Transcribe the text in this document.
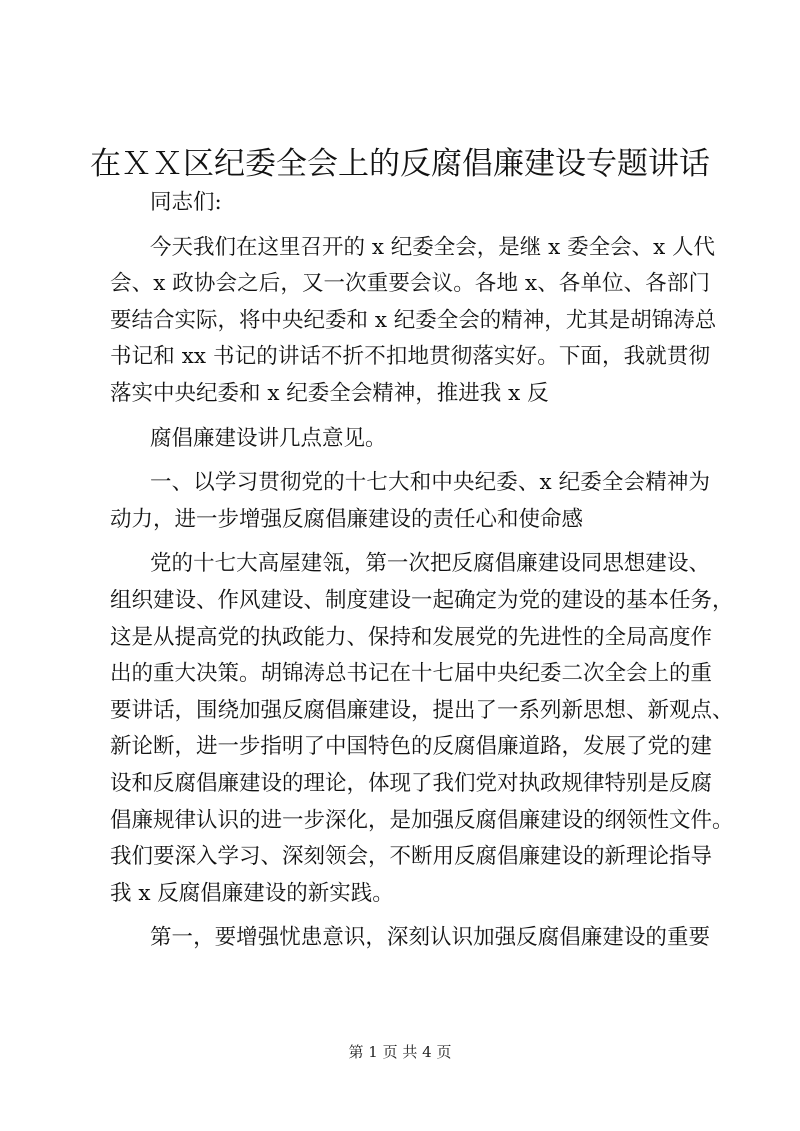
在ＸＸ区纪委全会上的反腐倡廉建设专题讲话
同志们:
今天我们在这里召开的 x 纪委全会，是继 x 委全会、x 人代
会、x 政协会之后，又一次重要会议。各地 x、各单位、各部门
要结合实际，将中央纪委和 x 纪委全会的精神，尤其是胡锦涛总
书记和 xx 书记的讲话不折不扣地贯彻落实好。下面，我就贯彻
落实中央纪委和 x 纪委全会精神，推进我 x 反
腐倡廉建设讲几点意见。
一、以学习贯彻党的十七大和中央纪委、x 纪委全会精神为
动力，进一步增强反腐倡廉建设的责任心和使命感
党的十七大高屋建瓴，第一次把反腐倡廉建设同思想建设、
组织建设、作风建设、制度建设一起确定为党的建设的基本任务，
这是从提高党的执政能力、保持和发展党的先进性的全局高度作
出的重大决策。胡锦涛总书记在十七届中央纪委二次全会上的重
要讲话，围绕加强反腐倡廉建设，提出了一系列新思想、新观点、
新论断，进一步指明了中国特色的反腐倡廉道路，发展了党的建
设和反腐倡廉建设的理论，体现了我们党对执政规律特别是反腐
倡廉规律认识的进一步深化，是加强反腐倡廉建设的纲领性文件。
我们要深入学习、深刻领会，不断用反腐倡廉建设的新理论指导
我 x 反腐倡廉建设的新实践。
第一，要增强忧患意识，深刻认识加强反腐倡廉建设的重要
第 1 页 共 4 页
